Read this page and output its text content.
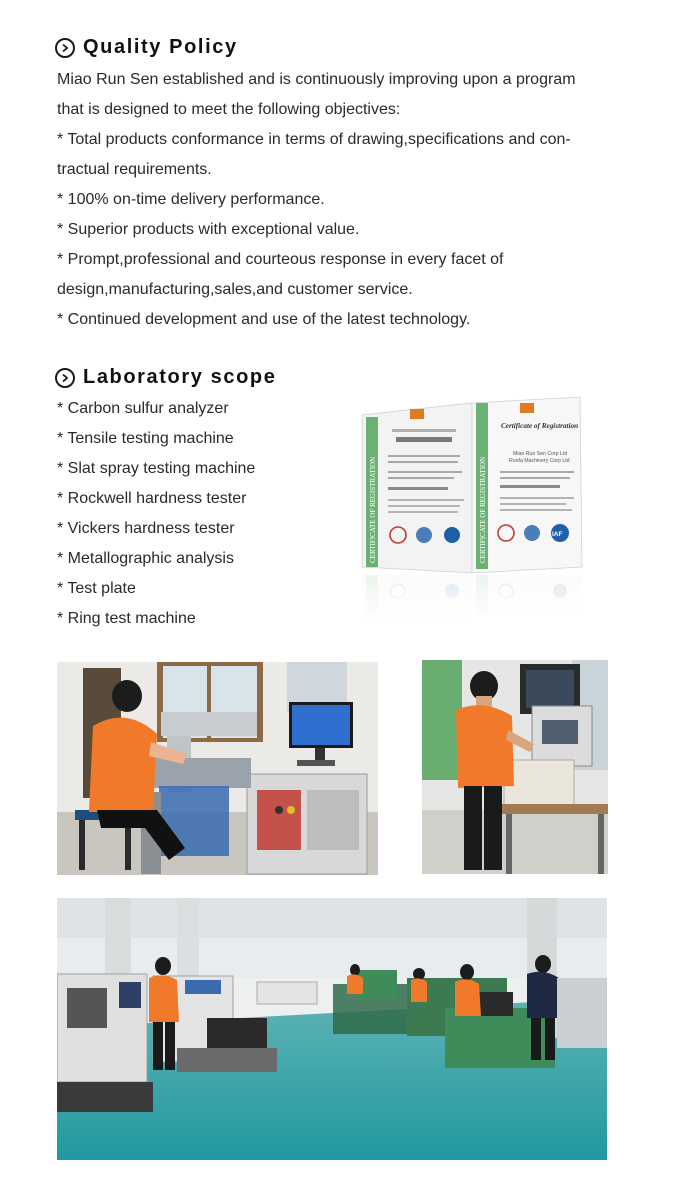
Quality Policy
Miao Run Sen established and is continuously improving upon a program
that is designed to meet the following objectives:
* Total products conformance in terms of drawing,specifications and con-
tractual requirements.
* 100% on-time delivery performance.
* Superior products with exceptional value.
* Prompt,professional and courteous response in every facet of
design,manufacturing,sales,and customer service.
* Continued development and use of the latest technology.
Laboratory scope
* Carbon sulfur analyzer
* Tensile testing machine
* Slat spray testing machine
* Rockwell hardness tester
* Vickers hardness tester
* Metallographic analysis
* Test plate
* Ring test machine
CERTIFICATE OF REGISTRATION	CERTIFICATE OF REGISTRATION
Certificate of Registration
Miao Run Sen Corp Ltd
Runfa Machinery Corp Ltd
IAF
